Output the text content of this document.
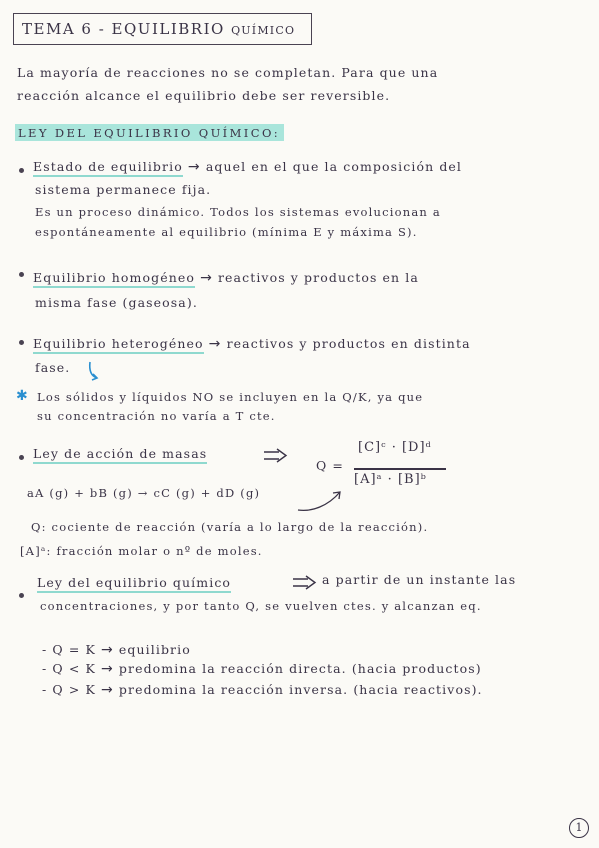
TEMA 6 - EQUILIBRIO QUÍMICO
La mayoría de reacciones no se completan. Para que una
reacción alcance el equilibrio debe ser reversible.
LEY DEL EQUILIBRIO QUÍMICO:
Estado de equilibrio → aquel en el que la composición del
sistema permanece fija.
Es un proceso dinámico. Todos los sistemas evolucionan a
espontáneamente al equilibrio (mínima E y máxima S).
Equilibrio homogéneo → reactivos y productos en la
misma fase (gaseosa).
Equilibrio heterogéneo → reactivos y productos en distinta
fase.
✱ Los sólidos y líquidos NO se incluyen en la Q/K, ya que
su concentración no varía a T cte.
Ley de acción de masas
Q =
[C]ᶜ · [D]ᵈ
[A]ᵃ · [B]ᵇ
aA (g) + bB (g) → cC (g) + dD (g)
Q: cociente de reacción (varía a lo largo de la reacción).
[A]ᵃ: fracción molar o nº de moles.
Ley del equilibrio químico	a partir de un instante las
concentraciones, y por tanto Q, se vuelven ctes. y alcanzan eq.
- Q = K → equilibrio
- Q < K → predomina la reacción directa. (hacia productos)
- Q > K → predomina la reacción inversa. (hacia reactivos).
1
